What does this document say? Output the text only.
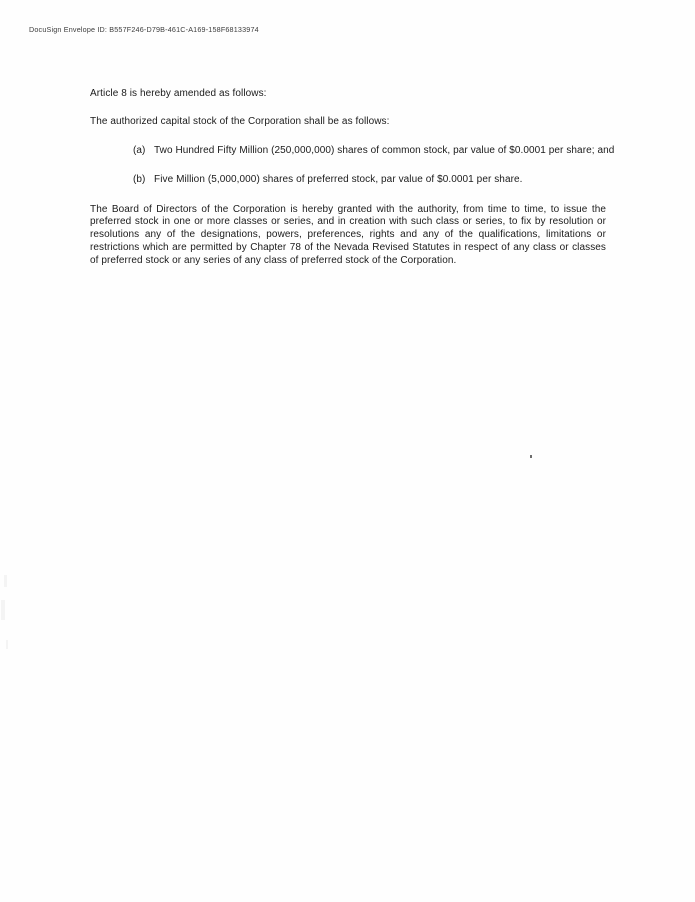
DocuSign Envelope ID: B557F246-D79B-461C-A169-158F68133974

Article 8 is hereby amended as follows:

The authorized capital stock of the Corporation shall be as follows:

(a) Two Hundred Fifty Million (250,000,000) shares of common stock, par value of $0.0001 per share; and
(b) Five Million (5,000,000) shares of preferred stock, par value of $0.0001 per share.

The Board of Directors of the Corporation is hereby granted with the authority, from time to time, to issue the preferred stock in one or more classes or series, and in creation with such class or series, to fix by resolution or resolutions any of the designations, powers, preferences, rights and any of the qualifications, limitations or restrictions which are permitted by Chapter 78 of the Nevada Revised Statutes in respect of any class or classes of preferred stock or any series of any class of preferred stock of the Corporation.
